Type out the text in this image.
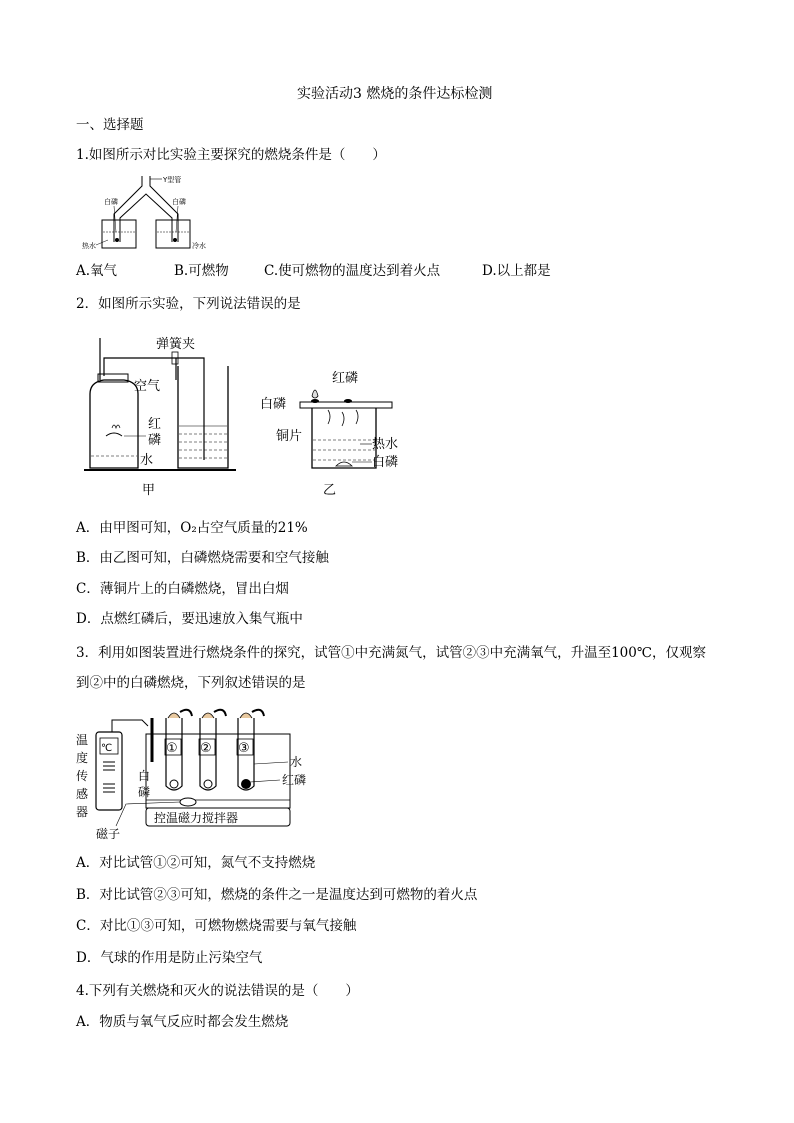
实验活动3 燃烧的条件达标检测
一、选择题
1.如图所示对比实验主要探究的燃烧条件是（　　）
Y型管
白磷	白磷
热水	冷水
A.氧气	B.可燃物	C.使可燃物的温度达到着火点	D.以上都是
2．如图所示实验，下列说法错误的是
弹簧夹
空气
红
磷
水
甲
红磷
白磷
铜片
热水
白磷
乙
A．由甲图可知，O₂占空气质量的21%
B．由乙图可知，白磷燃烧需要和空气接触
C．薄铜片上的白磷燃烧，冒出白烟
D．点燃红磷后，要迅速放入集气瓶中
3．利用如图装置进行燃烧条件的探究，试管①中充满氮气，试管②③中充满氧气，升温至100℃，仅观察
到②中的白磷燃烧，下列叙述错误的是
温
度
传
感
器
℃	① ② ③
白
磷
水
红磷
控温磁力搅拌器
磁子
A．对比试管①②可知，氮气不支持燃烧
B．对比试管②③可知，燃烧的条件之一是温度达到可燃物的着火点
C．对比①③可知，可燃物燃烧需要与氧气接触
D．气球的作用是防止污染空气
4.下列有关燃烧和灭火的说法错误的是（　　）
A．物质与氧气反应时都会发生燃烧
